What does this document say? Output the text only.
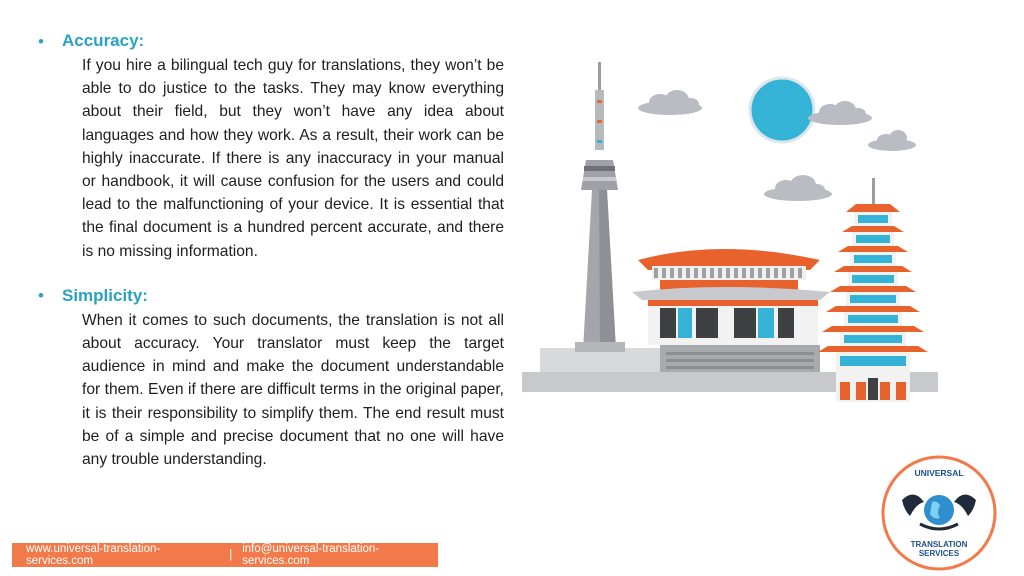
•	Accuracy:

If you hire a bilingual tech guy for translations, they won’t be able to do justice to the tasks. They may know everything about their field, but they won’t have any idea about languages and how they work. As a result, their work can be highly inaccurate. If there is any inaccuracy in your manual or handbook, it will cause confusion for the users and could lead to the malfunctioning of your device. It is essential that the final document is a hundred percent accurate, and there is no missing information.

•	Simplicity:

When it comes to such documents, the translation is not all about accuracy. Your translator must keep the target audience in mind and make the document understandable for them. Even if there are difficult terms in the original paper, it is their responsibility to simplify them. The end result must be of a simple and precise document that no one will have any trouble understanding.

www.universal-translation-services.com	| info@universal-translation-services.com
UNIVERSAL
TRANSLATION
SERVICES
